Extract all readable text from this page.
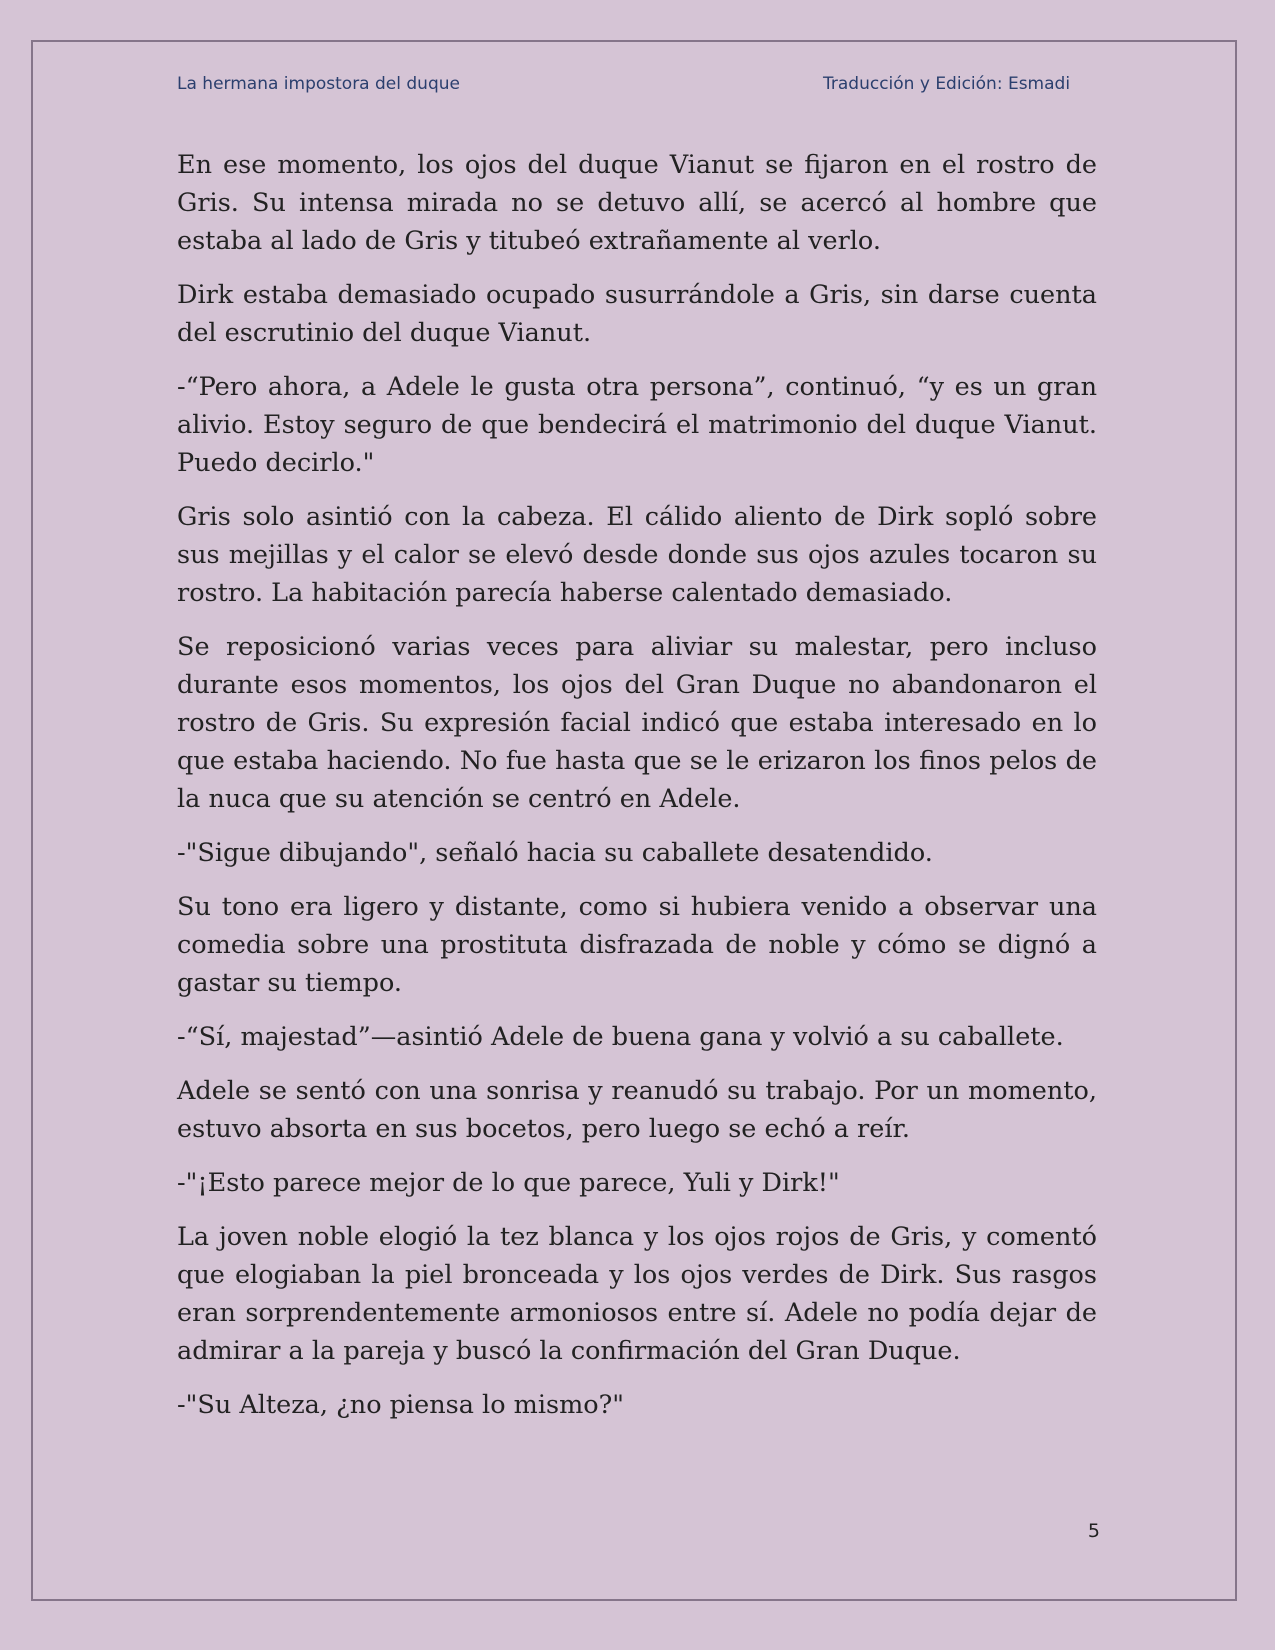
La hermana impostora del duque	Traducción y Edición: Esmadi

En ese momento, los ojos del duque Vianut se fijaron en el rostro de Gris. Su intensa mirada no se detuvo allí, se acercó al hombre que estaba al lado de Gris y titubeó extrañamente al verlo.

Dirk estaba demasiado ocupado susurrándole a Gris, sin darse cuenta del escrutinio del duque Vianut.

-“Pero ahora, a Adele le gusta otra persona”, continuó, “y es un gran alivio. Estoy seguro de que bendecirá el matrimonio del duque Vianut. Puedo decirlo."

Gris solo asintió con la cabeza. El cálido aliento de Dirk sopló sobre sus mejillas y el calor se elevó desde donde sus ojos azules tocaron su rostro. La habitación parecía haberse calentado demasiado.

Se reposicionó varias veces para aliviar su malestar, pero incluso durante esos momentos, los ojos del Gran Duque no abandonaron el rostro de Gris. Su expresión facial indicó que estaba interesado en lo que estaba haciendo. No fue hasta que se le erizaron los finos pelos de la nuca que su atención se centró en Adele.

-"Sigue dibujando", señaló hacia su caballete desatendido.

Su tono era ligero y distante, como si hubiera venido a observar una comedia sobre una prostituta disfrazada de noble y cómo se dignó a gastar su tiempo.

-“Sí, majestad”—asintió Adele de buena gana y volvió a su caballete.

Adele se sentó con una sonrisa y reanudó su trabajo. Por un momento, estuvo absorta en sus bocetos, pero luego se echó a reír.

-"¡Esto parece mejor de lo que parece, Yuli y Dirk!"

La joven noble elogió la tez blanca y los ojos rojos de Gris, y comentó que elogiaban la piel bronceada y los ojos verdes de Dirk. Sus rasgos eran sorprendentemente armoniosos entre sí. Adele no podía dejar de admirar a la pareja y buscó la confirmación del Gran Duque.

-"Su Alteza, ¿no piensa lo mismo?"

5
